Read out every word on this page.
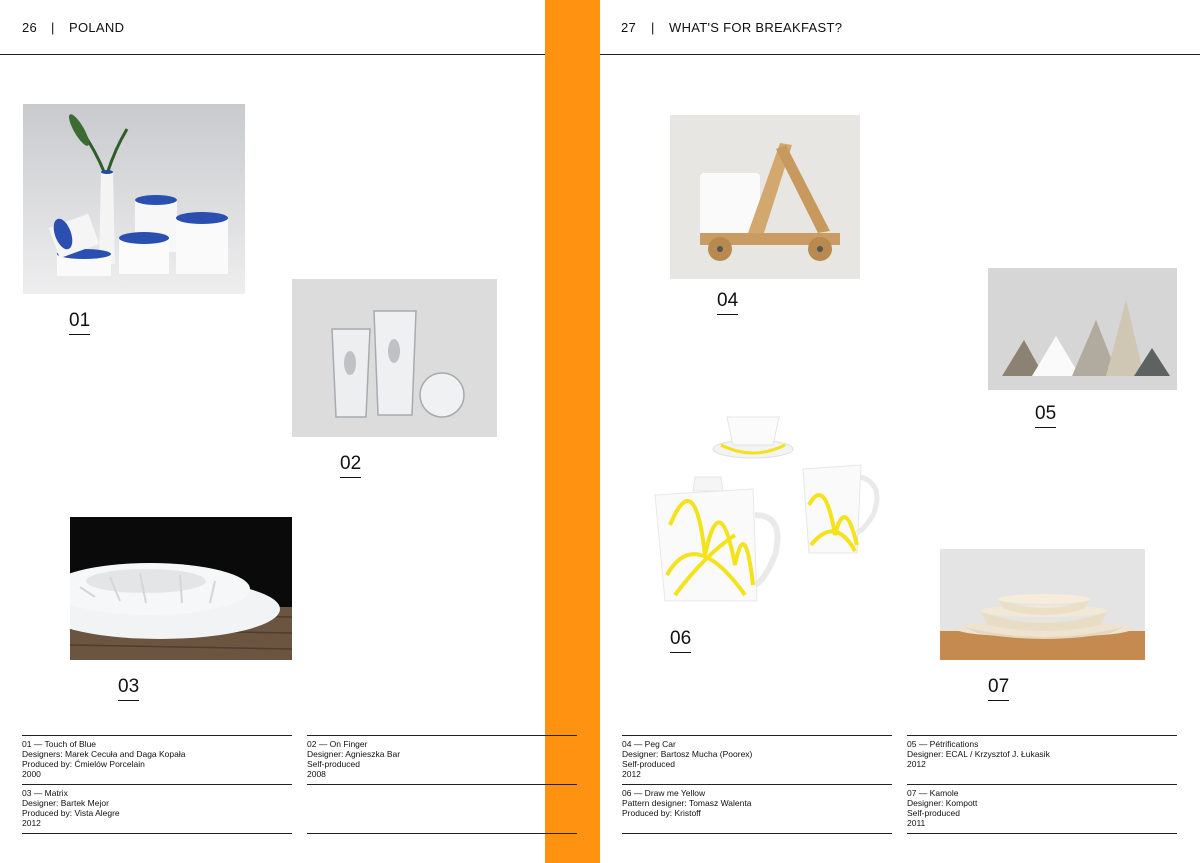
26 | POLAND	27 | WHAT'S FOR BREAKFAST?
01
02
03
04
05
06
07
01 — Touch of Blue
Designers: Marek Cecuła and Daga Kopała
Produced by: Ćmielów Porcelain
2000
02 — On Finger
Designer: Agnieszka Bar
Self-produced
2008
03 — Matrix
Designer: Bartek Mejor
Produced by: Vista Alegre
2012
04 — Peg Car
Designer: Bartosz Mucha (Poorex)
Self-produced
2012
05 — Pétrifications
Designer: ECAL / Krzysztof J. Łukasik
2012
06 — Draw me Yellow
Pattern designer: Tomasz Walenta
Produced by: Kristoff
07 — Kamole
Designer: Kompott
Self-produced
2011
